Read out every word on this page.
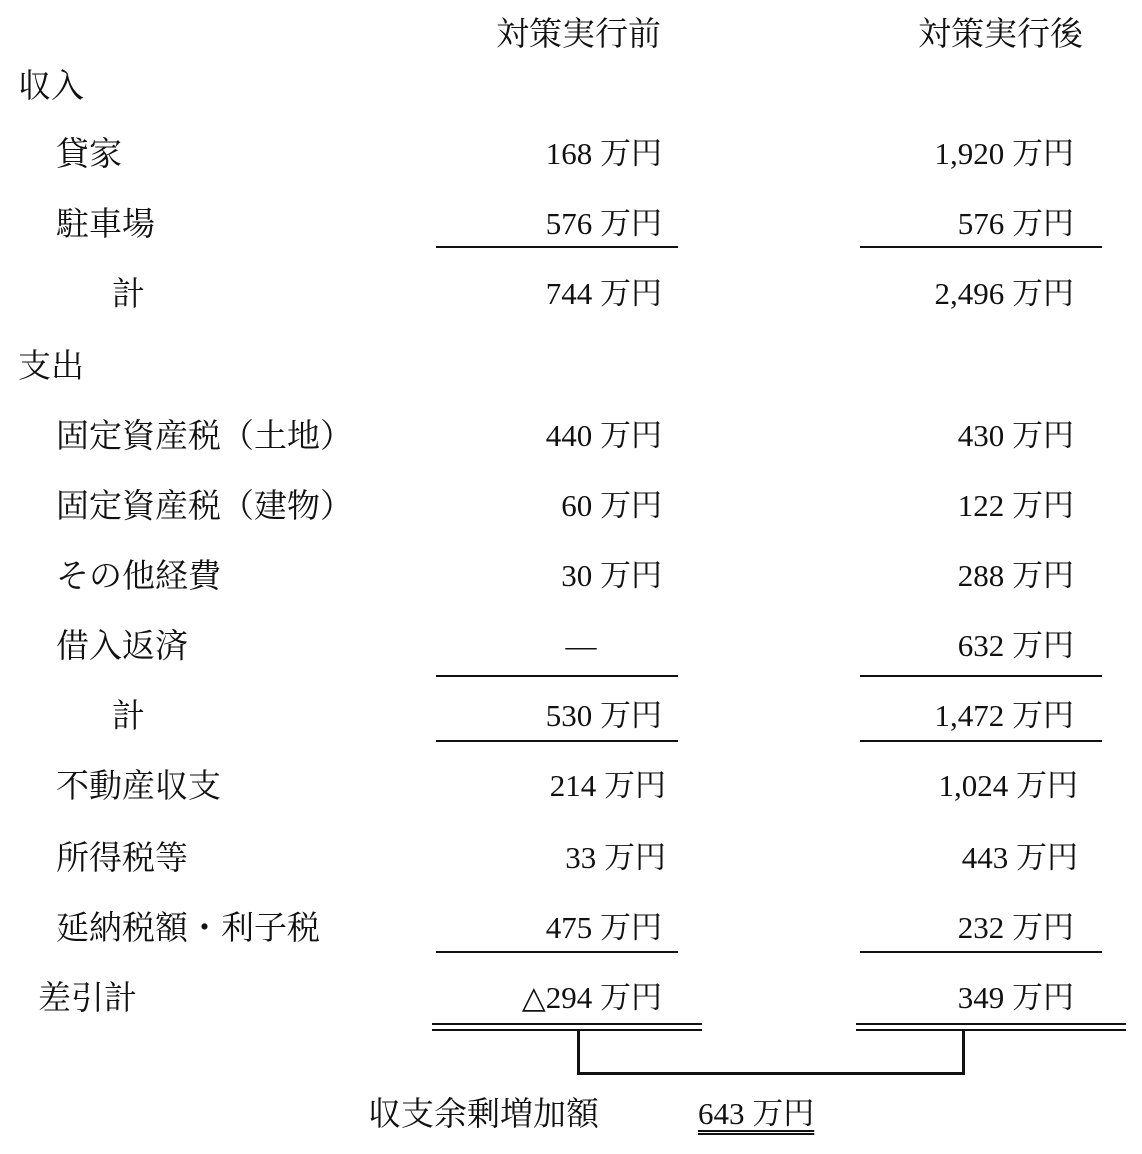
対策実行前	対策実行後
収入
貸家	168 万円	1,920 万円
駐車場	576 万円	576 万円
計	744 万円	2,496 万円
支出
固定資産税（土地）	440 万円	430 万円
固定資産税（建物）	60 万円	122 万円
その他経費	30 万円	288 万円
借入返済	―	632 万円
計	530 万円	1,472 万円
不動産収支	214 万円	1,024 万円
所得税等	33 万円	443 万円
延納税額・利子税	475 万円	232 万円
差引計	△294 万円	349 万円
収支余剰増加額	643 万円
